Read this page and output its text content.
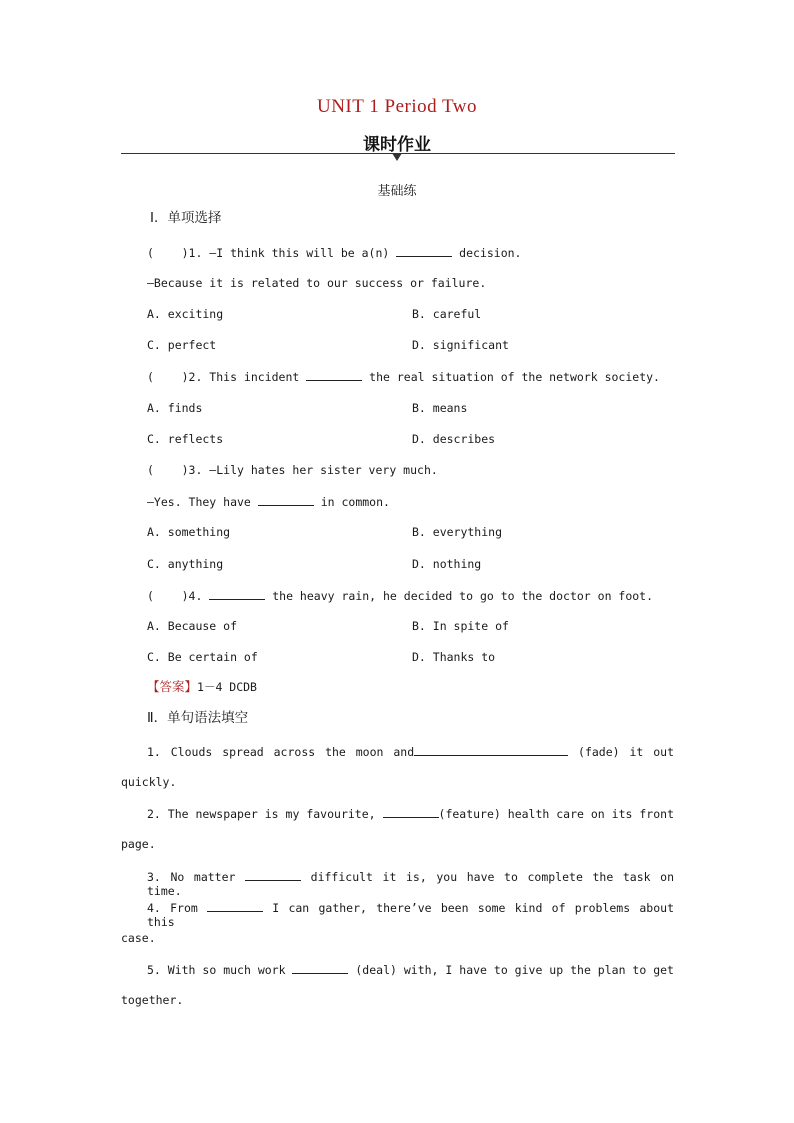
UNIT 1 Period Two
课时作业
基础练
Ⅰ．单项选择
(    )1. —I think this will be a(n)	decision.
—Because it is related to our success or failure.
A. exciting	B. careful
C. perfect	D. significant
(    )2. This incident	the real situation of the network society.
A. finds	B. means
C. reflects	D. describes
(    )3. —Lily hates her sister very much.
—Yes. They have	in common.
A. something	B. everything
C. anything	D. nothing
(    )4.	the heavy rain, he decided to go to the doctor on foot.
A. Because of	B. In spite of
C. Be certain of	D. Thanks to
【答案】1－4 DCDB
Ⅱ．单句语法填空
1. Clouds spread across the moon and	(fade) it out
quickly.
2. The newspaper is my favourite,	(feature) health care on its front
page.
3. No matter	difficult it is, you have to complete the task on time.
4. From	I can gather, there’ve been some kind of problems about this
case.
5. With so much work	(deal) with, I have to give up the plan to get
together.
